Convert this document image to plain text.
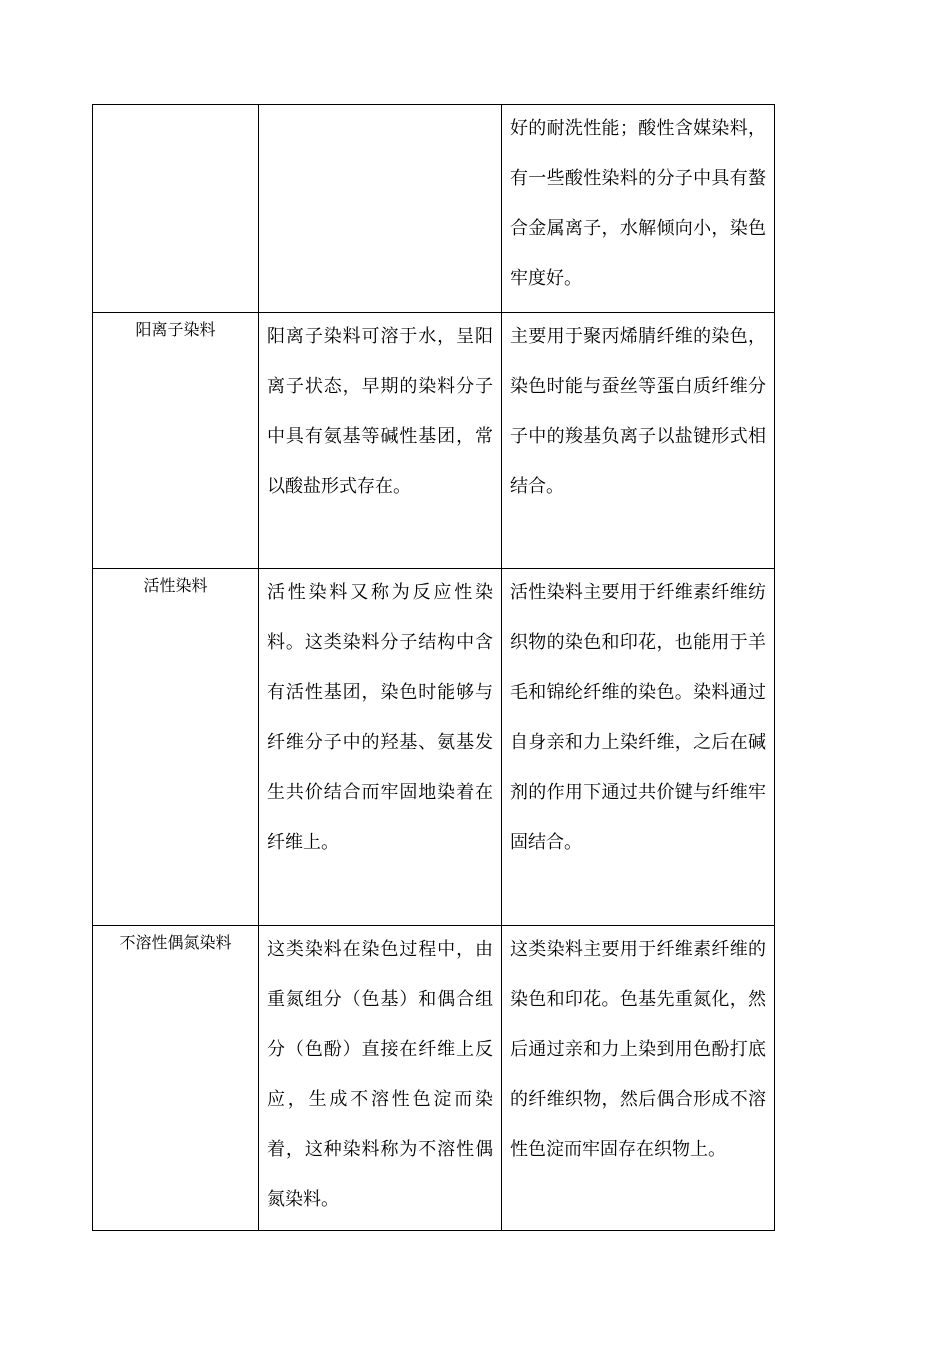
		好的耐洗性能；酸性含媒染料，有一些酸性染料的分子中具有螯合金属离子，水解倾向小，染色牢度好。

阳离子染料	阳离子染料可溶于水，呈阳离子状态，早期的染料分子中具有氨基等碱性基团，常以酸盐形式存在。	主要用于聚丙烯腈纤维的染色，染色时能与蚕丝等蛋白质纤维分子中的羧基负离子以盐键形式相结合。

活性染料	活性染料又称为反应性染料。这类染料分子结构中含有活性基团，染色时能够与纤维分子中的羟基、氨基发生共价结合而牢固地染着在纤维上。	活性染料主要用于纤维素纤维纺织物的染色和印花，也能用于羊毛和锦纶纤维的染色。染料通过自身亲和力上染纤维，之后在碱剂的作用下通过共价键与纤维牢固结合。

不溶性偶氮染料	这类染料在染色过程中，由重氮组分（色基）和偶合组分（色酚）直接在纤维上反应，生成不溶性色淀而染着，这种染料称为不溶性偶氮染料。	这类染料主要用于纤维素纤维的染色和印花。色基先重氮化，然后通过亲和力上染到用色酚打底的纤维织物，然后偶合形成不溶性色淀而牢固存在织物上。
